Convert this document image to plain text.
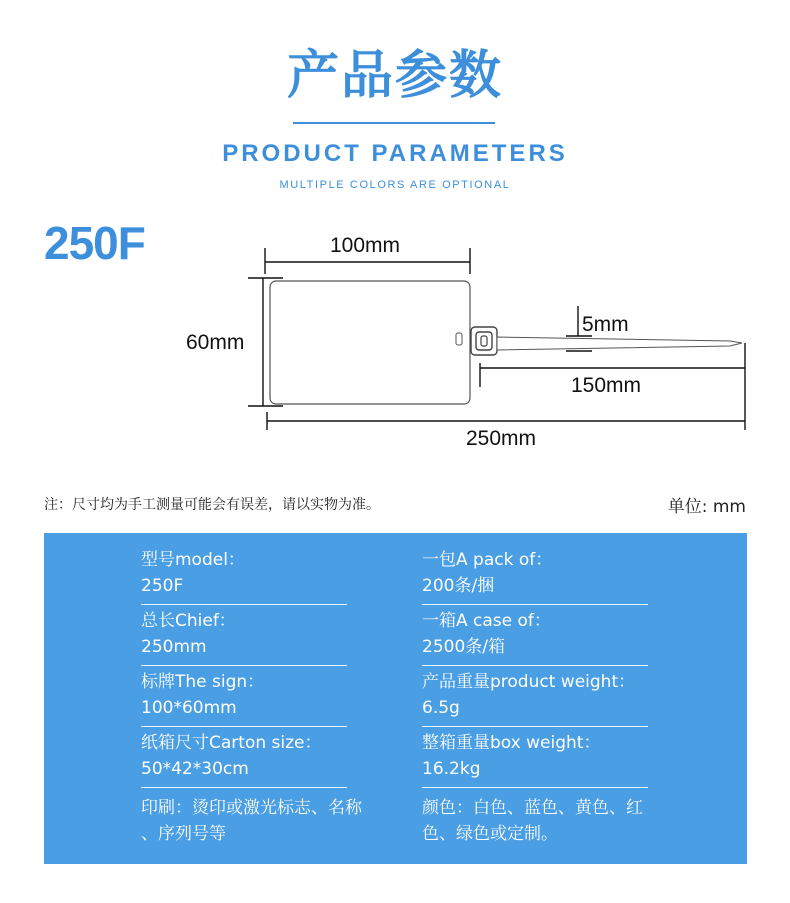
产品参数
PRODUCT PARAMETERS
MULTIPLE COLORS ARE OPTIONAL
250F	100mm
60mm
5mm
150mm
250mm
注：尺寸均为手工测量可能会有误差，请以实物为准。	单位: mm
型号model：
250F
一包A pack of：
200条/捆
总长Chief：
250mm
一箱A case of：
2500条/箱
标牌The sign：
100*60mm
产品重量product weight：
6.5g
纸箱尺寸Carton size：
50*42*30cm
整箱重量box weight：
16.2kg
印刷：烫印或激光标志、名称
、序列号等
颜色：白色、蓝色、黄色、红
色、绿色或定制。
